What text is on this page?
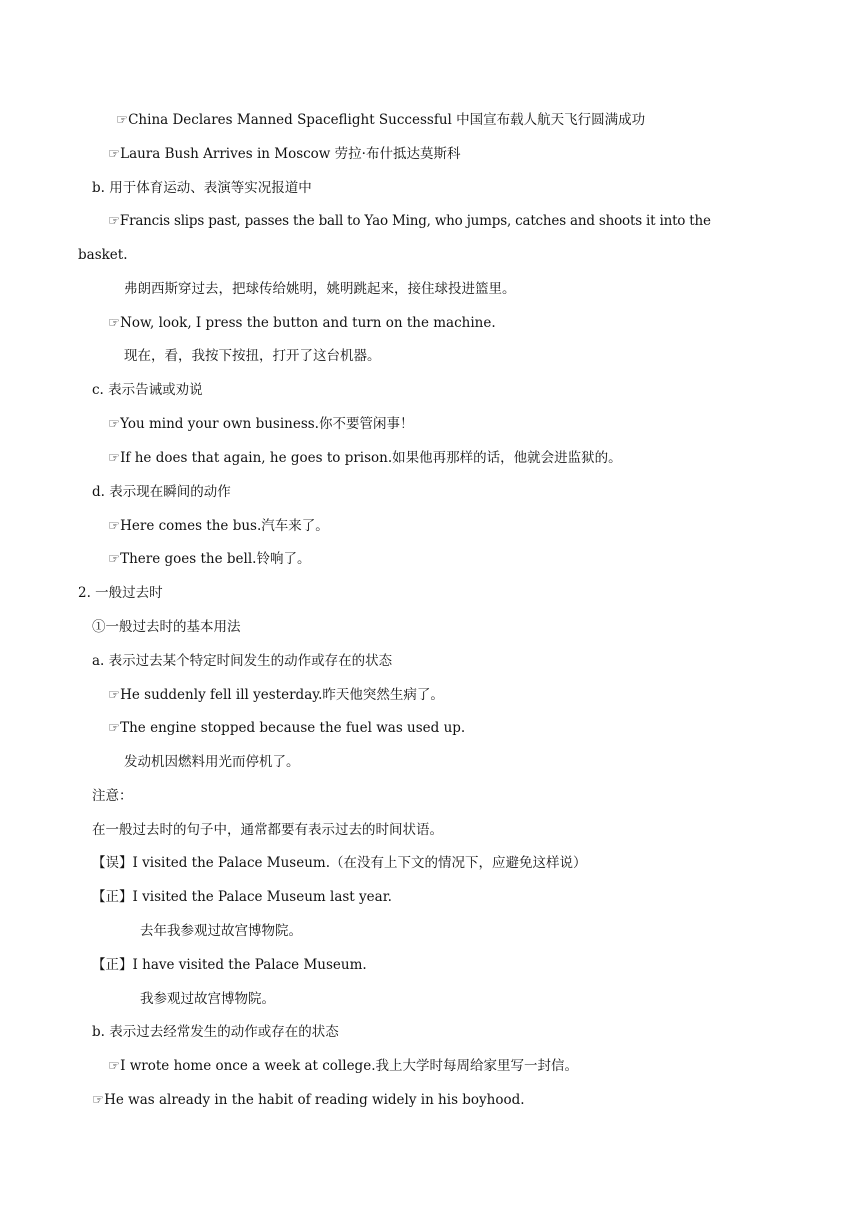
☞China Declares Manned Spaceflight Successful 中国宣布载人航天飞行圆满成功
☞Laura Bush Arrives in Moscow 劳拉·布什抵达莫斯科
b. 用于体育运动、表演等实况报道中
☞Francis slips past, passes the ball to Yao Ming, who jumps, catches and shoots it into the
basket.
弗朗西斯穿过去，把球传给姚明，姚明跳起来，接住球投进篮里。
☞Now, look, I press the button and turn on the machine.
现在，看，我按下按扭，打开了这台机器。
c. 表示告诫或劝说
☞You mind your own business.你不要管闲事！
☞If he does that again, he goes to prison.如果他再那样的话，他就会进监狱的。
d. 表示现在瞬间的动作
☞Here comes the bus.汽车来了。
☞There goes the bell.铃响了。
2. 一般过去时
①一般过去时的基本用法
a. 表示过去某个特定时间发生的动作或存在的状态
☞He suddenly fell ill yesterday.昨天他突然生病了。
☞The engine stopped because the fuel was used up.
发动机因燃料用光而停机了。
注意：
在一般过去时的句子中，通常都要有表示过去的时间状语。
【误】I visited the Palace Museum.（在没有上下文的情况下，应避免这样说）
【正】I visited the Palace Museum last year.
去年我参观过故宫博物院。
【正】I have visited the Palace Museum.
我参观过故宫博物院。
b. 表示过去经常发生的动作或存在的状态
☞I wrote home once a week at college.我上大学时每周给家里写一封信。
☞He was already in the habit of reading widely in his boyhood.
